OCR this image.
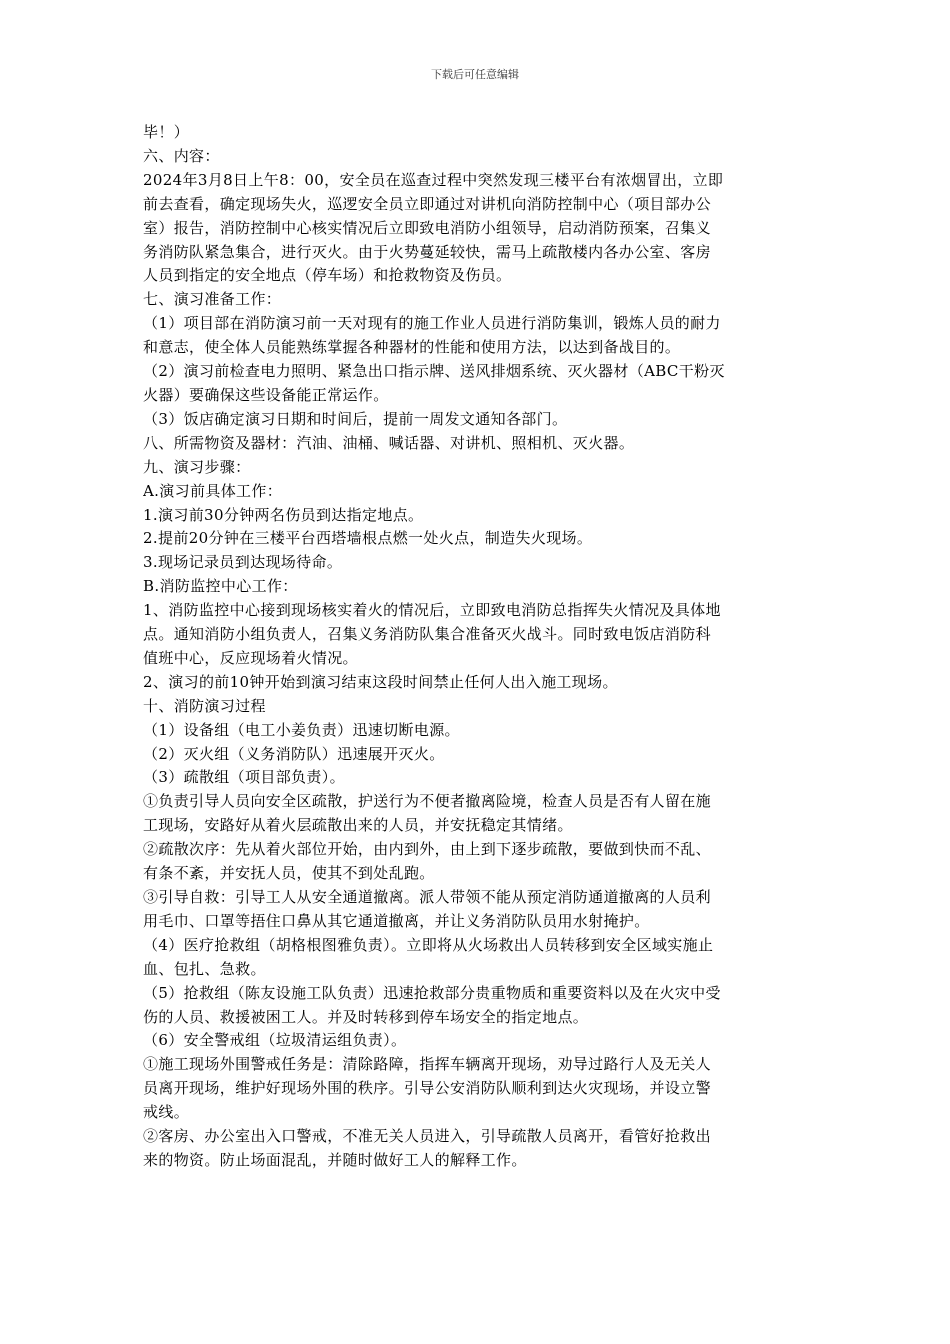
下载后可任意编辑
毕！）
六、内容：
2024年3月8日上午8：00，安全员在巡查过程中突然发现三楼平台有浓烟冒出，立即
前去查看，确定现场失火，巡逻安全员立即通过对讲机向消防控制中心（项目部办公
室）报告，消防控制中心核实情况后立即致电消防小组领导，启动消防预案，召集义
务消防队紧急集合，进行灭火。由于火势蔓延较快，需马上疏散楼内各办公室、客房
人员到指定的安全地点（停车场）和抢救物资及伤员。
七、演习准备工作：
（1）项目部在消防演习前一天对现有的施工作业人员进行消防集训，锻炼人员的耐力
和意志，使全体人员能熟练掌握各种器材的性能和使用方法，以达到备战目的。
（2）演习前检查电力照明、紧急出口指示牌、送风排烟系统、灭火器材（ABC干粉灭
火器）要确保这些设备能正常运作。
（3）饭店确定演习日期和时间后，提前一周发文通知各部门。
八、所需物资及器材：汽油、油桶、喊话器、对讲机、照相机、灭火器。
九、演习步骤：
A.演习前具体工作：
1.演习前30分钟两名伤员到达指定地点。
2.提前20分钟在三楼平台西塔墙根点燃一处火点，制造失火现场。
3.现场记录员到达现场待命。
B.消防监控中心工作：
1、消防监控中心接到现场核实着火的情况后，立即致电消防总指挥失火情况及具体地
点。通知消防小组负责人，召集义务消防队集合准备灭火战斗。同时致电饭店消防科
值班中心，反应现场着火情况。
2、演习的前10钟开始到演习结束这段时间禁止任何人出入施工现场。
十、消防演习过程
（1）设备组（电工小姜负责）迅速切断电源。
（2）灭火组（义务消防队）迅速展开灭火。
（3）疏散组（项目部负责）。
①负责引导人员向安全区疏散，护送行为不便者撤离险境，检查人员是否有人留在施
工现场，安路好从着火层疏散出来的人员，并安抚稳定其情绪。
②疏散次序：先从着火部位开始，由内到外，由上到下逐步疏散，要做到快而不乱、
有条不紊，并安抚人员，使其不到处乱跑。
③引导自救：引导工人从安全通道撤离。派人带领不能从预定消防通道撤离的人员利
用毛巾、口罩等捂住口鼻从其它通道撤离，并让义务消防队员用水射掩护。
（4）医疗抢救组（胡格根图雅负责）。立即将从火场救出人员转移到安全区域实施止
血、包扎、急救。
（5）抢救组（陈友设施工队负责）迅速抢救部分贵重物质和重要资料以及在火灾中受
伤的人员、救援被困工人。并及时转移到停车场安全的指定地点。
（6）安全警戒组（垃圾清运组负责）。
①施工现场外围警戒任务是：清除路障，指挥车辆离开现场，劝导过路行人及无关人
员离开现场，维护好现场外围的秩序。引导公安消防队顺利到达火灾现场，并设立警
戒线。
②客房、办公室出入口警戒，不准无关人员进入，引导疏散人员离开，看管好抢救出
来的物资。防止场面混乱，并随时做好工人的解释工作。
